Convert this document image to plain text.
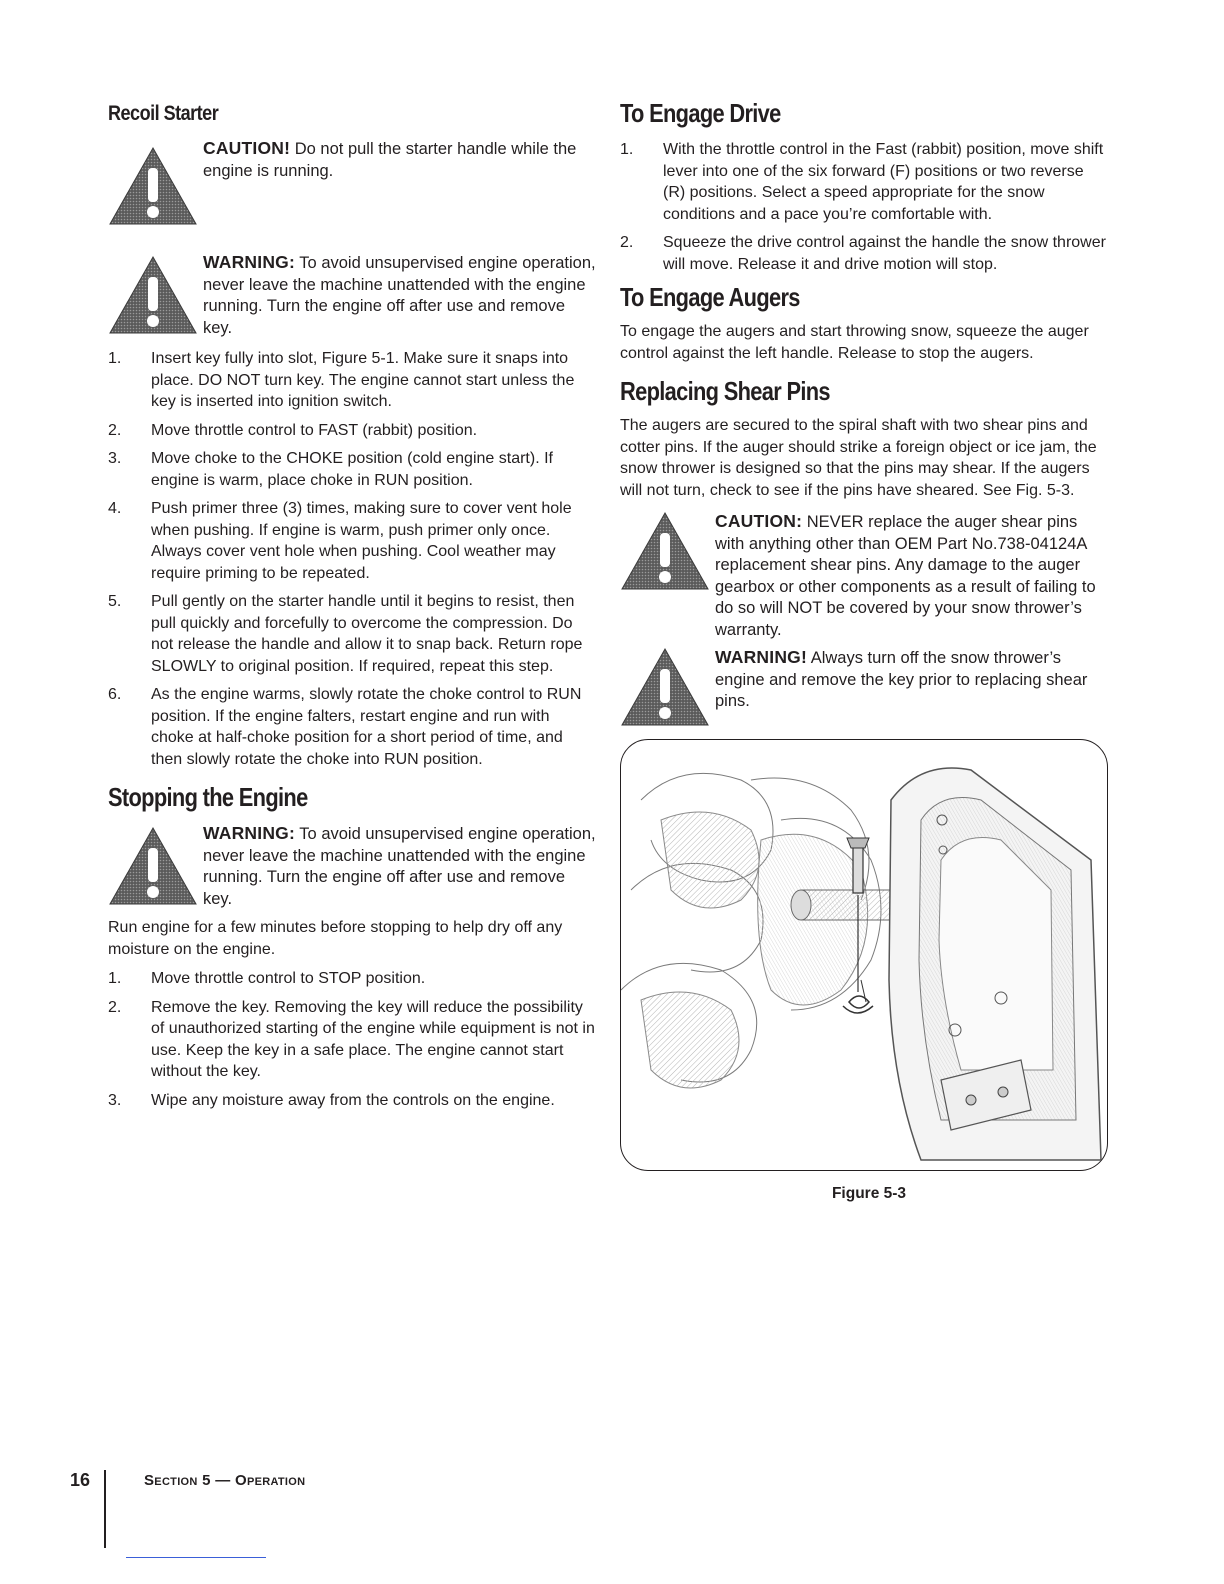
Recoil Starter
CAUTION! Do not pull the starter handle while the engine is running.
WARNING: To avoid unsupervised engine operation, never leave the machine unattended with the engine running. Turn the engine off after use and remove key.
1. Insert key fully into slot, Figure 5-1. Make sure it snaps into place. DO NOT turn key. The engine cannot start unless the key is inserted into ignition switch.
2. Move throttle control to FAST (rabbit) position.
3. Move choke to the CHOKE position (cold engine start). If engine is warm, place choke in RUN position.
4. Push primer three (3) times, making sure to cover vent hole when pushing. If engine is warm, push primer only once. Always cover vent hole when pushing. Cool weather may require priming to be repeated.
5. Pull gently on the starter handle until it begins to resist, then pull quickly and forcefully to overcome the compression. Do not release the handle and allow it to snap back. Return rope SLOWLY to original position. If required, repeat this step.
6. As the engine warms, slowly rotate the choke control to RUN position. If the engine falters, restart engine and run with choke at half-choke position for a short period of time, and then slowly rotate the choke into RUN position.
Stopping the Engine
WARNING: To avoid unsupervised engine operation, never leave the machine unattended with the engine running. Turn the engine off after use and remove key.
Run engine for a few minutes before stopping to help dry off any moisture on the engine.
1. Move throttle control to STOP position.
2. Remove the key. Removing the key will reduce the possibility of unauthorized starting of the engine while equipment is not in use. Keep the key in a safe place. The engine cannot start without the key.
3. Wipe any moisture away from the controls on the engine.
To Engage Drive
1. With the throttle control in the Fast (rabbit) position, move shift lever into one of the six forward (F) positions or two reverse (R) positions. Select a speed appropriate for the snow conditions and a pace you’re comfortable with.
2. Squeeze the drive control against the handle the snow thrower will move. Release it and drive motion will stop.
To Engage Augers
To engage the augers and start throwing snow, squeeze the auger control against the left handle. Release to stop the augers.
Replacing Shear Pins
The augers are secured to the spiral shaft with two shear pins and cotter pins. If the auger should strike a foreign object or ice jam, the snow thrower is designed so that the pins may shear. If the augers will not turn, check to see if the pins have sheared. See Fig. 5-3.
CAUTION: NEVER replace the auger shear pins with anything other than OEM Part No.738-04124A replacement shear pins. Any damage to the auger gearbox or other components as a result of failing to do so will NOT be covered by your snow thrower’s warranty.
WARNING! Always turn off the snow thrower’s engine and remove the key prior to replacing shear pins.
Figure 5-3
16	Section 5 — Operation
